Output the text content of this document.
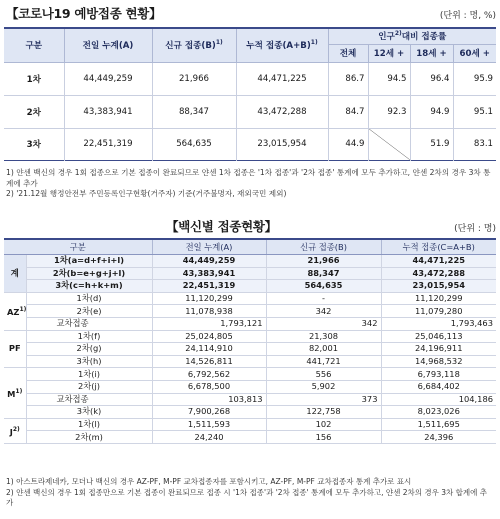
【코로나19 예방접종 현황】	(단위 : 명, %)
구분	전일 누계(A)	신규 접종$(B)^{1)}$	누적 접종$(A+B)^{1)}$	인구$^{2)}$대비 접종률			
				전체	12세 +	18세 +	60세 +
1차	44,449,259	21,966	44,471,225	86.7	94.5	96.4	95.9
2차	43,383,941	88,347	43,472,288	84.7	92.3	94.9	95.1
3차	22,451,319	564,635	23,015,954	44.9		51.9	83.1
1) 얀센 백신의 경우 1회 접종으로 기본 접종이 완료되므로 얀센 1차 접종은 '1차 접종'과 '2차 접종' 통계에 모두 추가하고, 얀센 2차의 경우 3차 통계에 추가
2) '21.12월 행정안전부 주민등록인구현황(거주자) 기준(거주불명자, 재외국민 제외)
【백신별 접종현황】	(단위 : 명)
구분		전일 누계(A)	신규 접종(B)	누적 접종(C=A+B)
계	1차(a=d+f+i+l)	44,449,259	21,966	44,471,225
	2차(b=e+g+j+l)	43,383,941	88,347	43,472,288
	3차(c=h+k+m)	22,451,319	564,635	23,015,954
AZ$^{1)}$	1차(d)	11,120,299	-	11,120,299
	2차(e)	11,078,938	342	11,079,280
	교차접종	1,793,121	342	1,793,463
PF	1차(f)	25,024,805	21,308	25,046,113
	2차(g)	24,114,910	82,001	24,196,911
	3차(h)	14,526,811	441,721	14,968,532
$M^{1)}$	1차(i)	6,792,562	556	6,793,118
	2차(j)	6,678,500	5,902	6,684,402
	교차접종	103,813	373	104,186
	3차(k)	7,900,268	122,758	8,023,026
$J^{2)}$	1차(l)	1,511,593	102	1,511,695
	2차(m)	24,240	156	24,396
1) 아스트라제네카, 모더나 백신의 경우 AZ-PF, M-PF 교차접종자를 포함시키고, AZ-PF, M-PF 교차접종자 통계 추가로 표시
2) 얀센 백신의 경우 1회 접종만으로 기본 접종이 완료되므로 접종 시 '1차 접종'과 '2차 접종' 통계에 모두 추가하고, 얀센 2차의 경우 3차 합계에 추가
